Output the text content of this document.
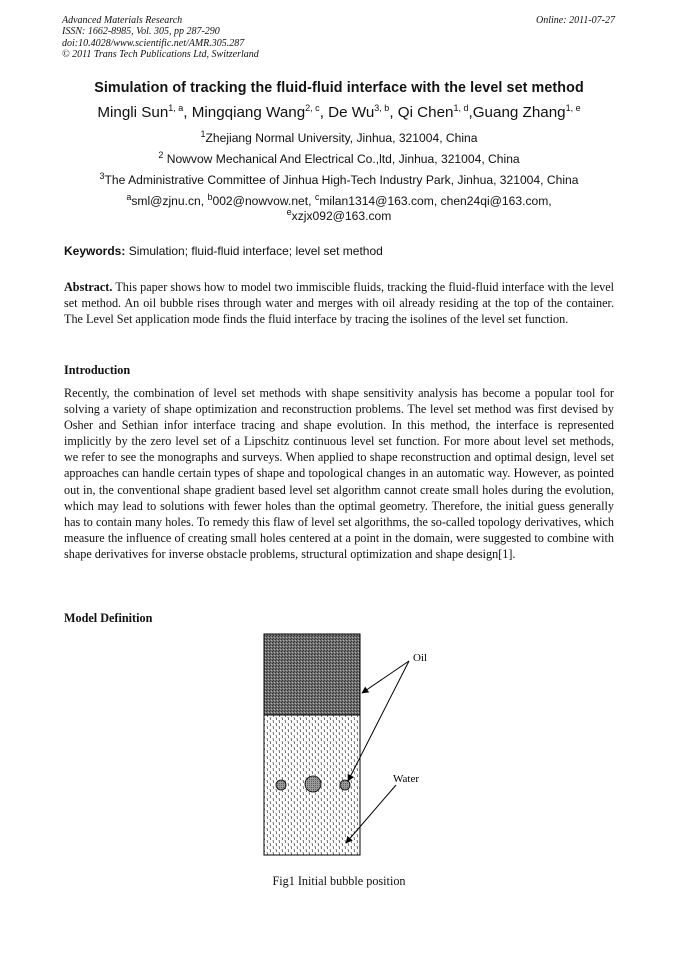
Advanced Materials Research
ISSN: 1662-8985, Vol. 305, pp 287-290
doi:10.4028/www.scientific.net/AMR.305.287
© 2011 Trans Tech Publications Ltd, Switzerland
Online: 2011-07-27
Simulation of tracking the fluid-fluid interface with the level set method
Mingli Sun$^{1, a}$, Mingqiang Wang$^{2, c}$, De Wu$^{3, b}$, Qi Chen$^{1, d}$,Guang Zhang$^{1, e}$
$^1$Zhejiang Normal University, Jinhua, 321004, China
$^2$ Nowvow Mechanical And Electrical Co.,ltd, Jinhua, 321004, China
$^3$The Administrative Committee of Jinhua High-Tech Industry Park, Jinhua, 321004, China
$^a$sml@zjnu.cn, $^b$002@nowvow.net, $^c$milan1314@163.com, chen24qi@163.com,
$^e$xzjx092@163.com
Keywords: Simulation; fluid-fluid interface; level set method
Abstract. This paper shows how to model two immiscible fluids, tracking the fluid-fluid interface with the level set method. An oil bubble rises through water and merges with oil already residing at the top of the container. The Level Set application mode finds the fluid interface by tracing the isolines of the level set function.
Introduction
Recently, the combination of level set methods with shape sensitivity analysis has become a popular tool for solving a variety of shape optimization and reconstruction problems. The level set method was first devised by Osher and Sethian infor interface tracing and shape evolution. In this method, the interface is represented implicitly by the zero level set of a Lipschitz continuous level set function. For more about level set methods, we refer to see the monographs and surveys. When applied to shape reconstruction and optimal design, level set approaches can handle certain types of shape and topological changes in an automatic way. However, as pointed out in, the conventional shape gradient based level set algorithm cannot create small holes during the evolution, which may lead to solutions with fewer holes than the optimal geometry. Therefore, the initial guess generally has to contain many holes. To remedy this flaw of level set algorithms, the so-called topology derivatives, which measure the influence of creating small holes centered at a point in the domain, were suggested to combine with shape derivatives for inverse obstacle problems, structural optimization and shape design[1].
Model Definition
Oil
Water
Fig1 Initial bubble position
